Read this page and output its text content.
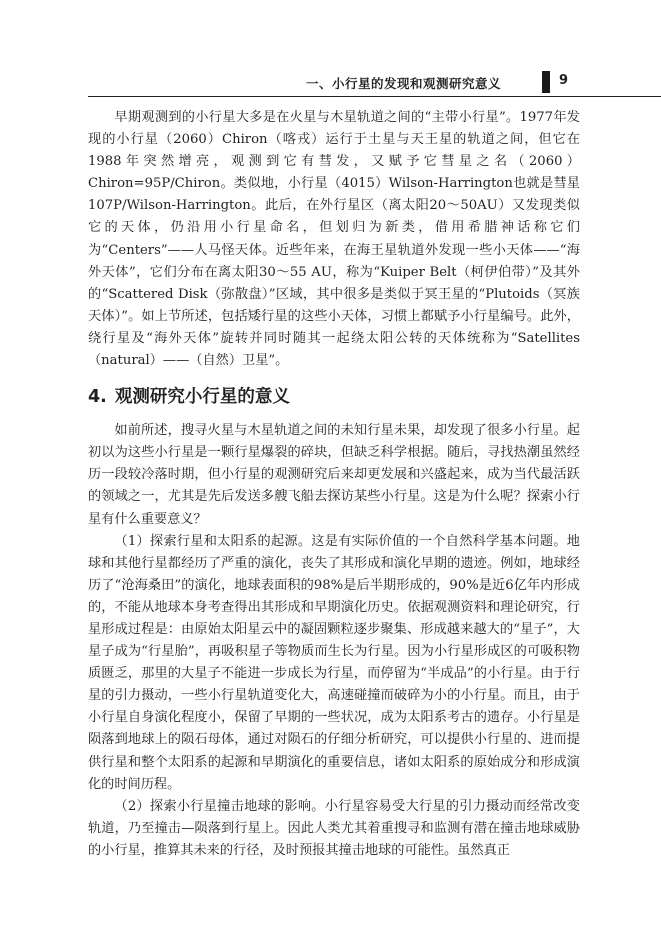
一、小行星的发现和观测研究意义	9

早期观测到的小行星大多是在火星与木星轨道之间的“主带小行星”。1977年发现的小行星（2060）Chiron（喀戎）运行于土星与天王星的轨道之间，但它在1988年突然增亮，观测到它有彗发，又赋予它彗星之名（2060）Chiron=95P/Chiron。类似地，小行星（4015）Wilson-Harrington也就是彗星107P/Wilson-Harrington。此后，在外行星区（离太阳20～50AU）又发现类似它的天体，仍沿用小行星命名，但划归为新类，借用希腊神话称它们为“Centers”——人马怪天体。近些年来，在海王星轨道外发现一些小天体——“海外天体”，它们分布在离太阳30～55 AU，称为“Kuiper Belt（柯伊伯带）”及其外的“Scattered Disk（弥散盘）”区域，其中很多是类似于冥王星的“Plutoids（冥族天体）”。如上节所述，包括矮行星的这些小天体，习惯上都赋予小行星编号。此外，绕行星及“海外天体”旋转并同时随其一起绕太阳公转的天体统称为“Satellites（natural）——（自然）卫星”。

4. 观测研究小行星的意义

如前所述，搜寻火星与木星轨道之间的未知行星未果，却发现了很多小行星。起初以为这些小行星是一颗行星爆裂的碎块，但缺乏科学根据。随后，寻找热潮虽然经历一段较冷落时期，但小行星的观测研究后来却更发展和兴盛起来，成为当代最活跃的领域之一，尤其是先后发送多艘飞船去探访某些小行星。这是为什么呢？探索小行星有什么重要意义？

（1）探索行星和太阳系的起源。这是有实际价值的一个自然科学基本问题。地球和其他行星都经历了严重的演化，丧失了其形成和演化早期的遗迹。例如，地球经历了“沧海桑田”的演化，地球表面积的98%是后半期形成的，90%是近6亿年内形成的，不能从地球本身考查得出其形成和早期演化历史。依据观测资料和理论研究，行星形成过程是：由原始太阳星云中的凝固颗粒逐步聚集、形成越来越大的“星子”，大星子成为“行星胎”，再吸积星子等物质而生长为行星。因为小行星形成区的可吸积物质匮乏，那里的大星子不能进一步成长为行星，而停留为“半成品”的小行星。由于行星的引力摄动，一些小行星轨道变化大，高速碰撞而破碎为小的小行星。而且，由于小行星自身演化程度小，保留了早期的一些状况，成为太阳系考古的遗存。小行星是陨落到地球上的陨石母体，通过对陨石的仔细分析研究，可以提供小行星的、进而提供行星和整个太阳系的起源和早期演化的重要信息，诸如太阳系的原始成分和形成演化的时间历程。

（2）探索小行星撞击地球的影响。小行星容易受大行星的引力摄动而经常改变轨道，乃至撞击—陨落到行星上。因此人类尤其着重搜寻和监测有潜在撞击地球威胁的小行星，推算其未来的行径，及时预报其撞击地球的可能性。虽然真正
